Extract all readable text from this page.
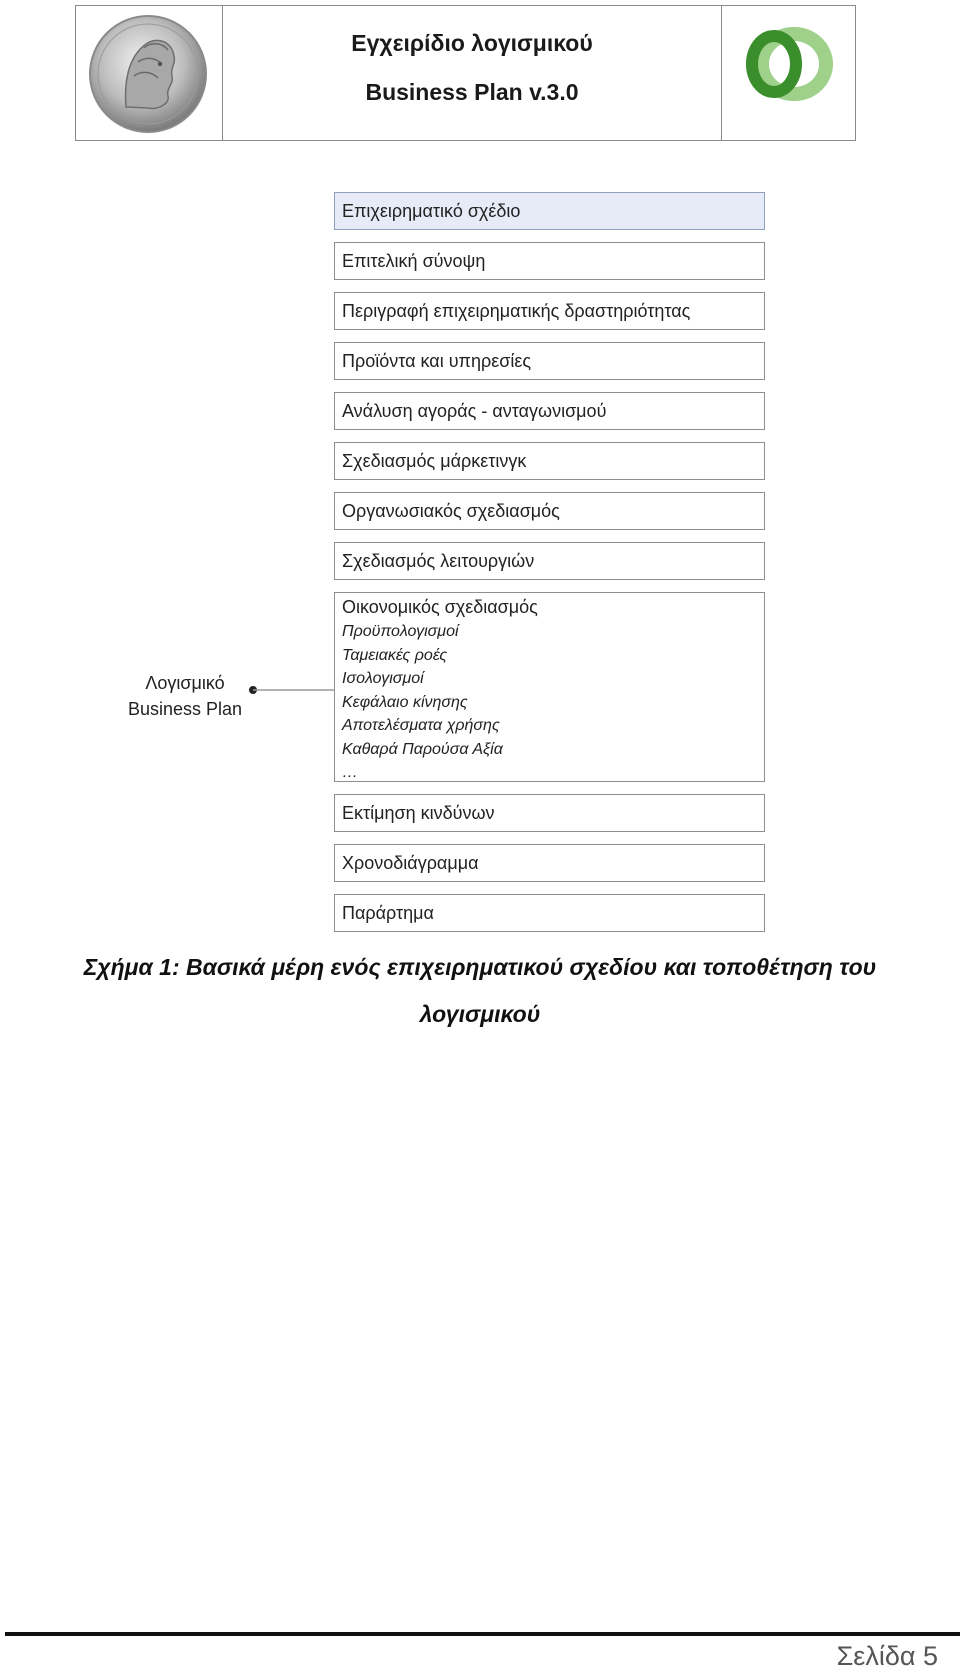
Εγχειρίδιο λογισμικού
Business Plan v.3.0
Επιχειρηματικό σχέδιο
Επιτελική σύνοψη
Περιγραφή επιχειρηματικής δραστηριότητας
Προϊόντα και υπηρεσίες
Ανάλυση αγοράς - ανταγωνισμού
Σχεδιασμός μάρκετινγκ
Οργανωσιακός σχεδιασμός
Σχεδιασμός λειτουργιών
Οικονομικός σχεδιασμός
Προϋπολογισμοί
Ταμειακές ροές
Ισολογισμοί
Κεφάλαιο κίνησης
Αποτελέσματα χρήσης
Καθαρά Παρούσα Αξία
…
Εκτίμηση κινδύνων
Χρονοδιάγραμμα
Παράρτημα
Λογισμικό
Business Plan
Σχήμα 1: Βασικά μέρη ενός επιχειρηματικού σχεδίου και τοποθέτηση του
λογισμικού
Σελίδα 5
